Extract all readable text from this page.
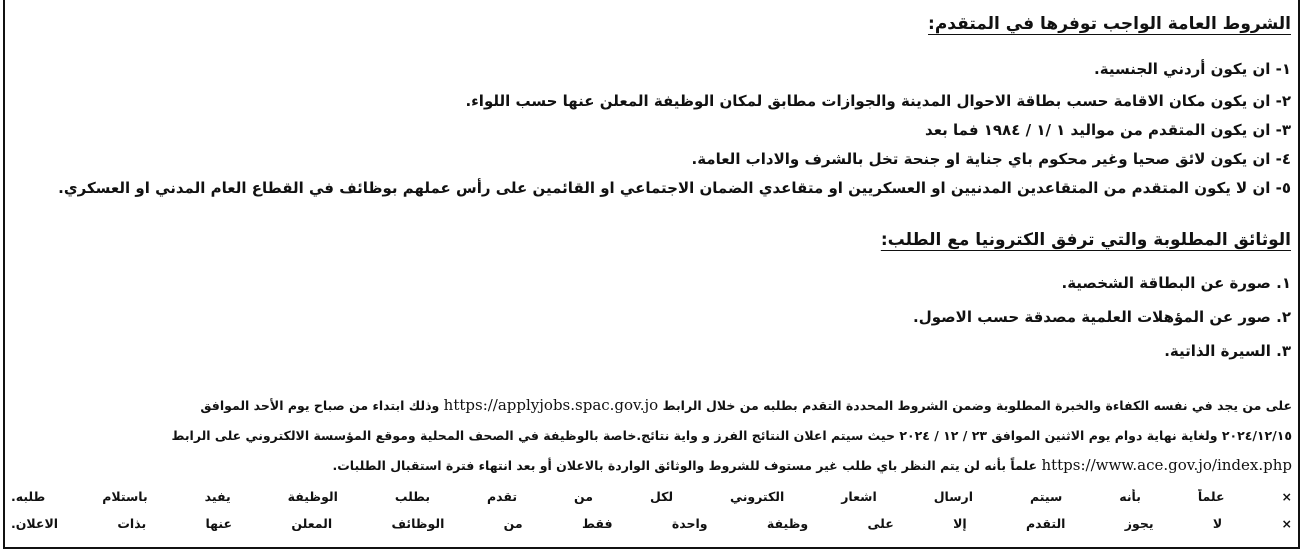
الشروط العامة الواجب توفرها في المتقدم:
١- ان يكون أردني الجنسية.
٢- ان يكون مكان الاقامة حسب بطاقة الاحوال المدينة والجوازات مطابق لمكان الوظيفة المعلن عنها حسب اللواء.
٣- ان يكون المتقدم من مواليد ١ /١ / ١٩٨٤ فما بعد
٤- ان يكون لائق صحيا وغير محكوم باي جناية او جنحة تخل بالشرف والاداب العامة.
٥- ان لا يكون المتقدم من المتقاعدين المدنيين او العسكريين او متقاعدي الضمان الاجتماعي او القائمين على رأس عملهم بوظائف في القطاع العام المدني او العسكري.
الوثائق المطلوبة والتي ترفق الكترونيا مع الطلب:
١. صورة عن البطاقة الشخصية.
٢. صور عن المؤهلات العلمية مصدقة حسب الاصول.
٣. السيرة الذاتية.
على من يجد في نفسه الكفاءة والخبرة المطلوبة وضمن الشروط المحددة التقدم بطلبه من خلال الرابط https://applyjobs.spac.gov.jo وذلك ابتداء من صباح يوم الأحد الموافق
٢٠٢٤/١٢/١٥ ولغاية نهاية دوام يوم الاثنين الموافق ٢٣ / ١٢ / ٢٠٢٤ حيث سيتم اعلان النتائج الفرز و واية نتائج.خاصة بالوظيفة في الصحف المحلية وموقع المؤسسة الالكتروني على الرابط
https://www.ace.gov.jo/index.php علماً بأنه لن يتم النظر باي طلب غير مستوف للشروط والوثائق الواردة بالاعلان أو بعد انتهاء فترة استقبال الطلبات.
× علماً بأنه سيتم ارسال اشعار الكتروني لكل من تقدم بطلب الوظيفة يفيد باستلام طلبه.
× لا يجوز التقدم إلا على وظيفة واحدة فقط من الوظائف المعلن عنها بذات الاعلان.
